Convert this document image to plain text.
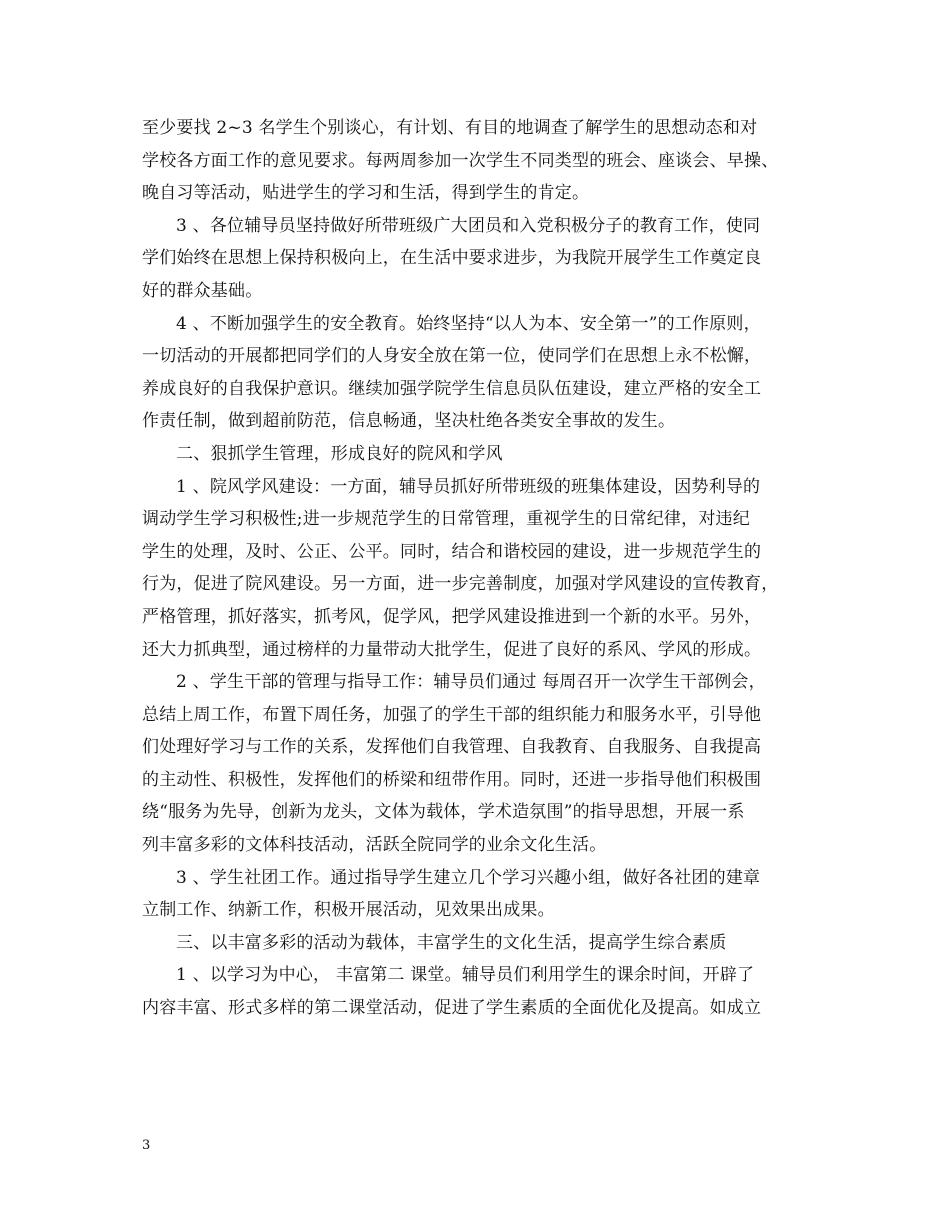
至少要找 2~3 名学生个别谈心，有计划、有目的地调查了解学生的思想动态和对
学校各方面工作的意见要求。每两周参加一次学生不同类型的班会、座谈会、早操、
晚自习等活动，贴进学生的学习和生活，得到学生的肯定。
3 、各位辅导员坚持做好所带班级广大团员和入党积极分子的教育工作，使同
学们始终在思想上保持积极向上，在生活中要求进步，为我院开展学生工作奠定良
好的群众基础。
4 、不断加强学生的安全教育。始终坚持“以人为本、安全第一”的工作原则，
一切活动的开展都把同学们的人身安全放在第一位，使同学们在思想上永不松懈，
养成良好的自我保护意识。继续加强学院学生信息员队伍建设，建立严格的安全工
作责任制，做到超前防范，信息畅通，坚决杜绝各类安全事故的发生。
二、狠抓学生管理，形成良好的院风和学风
1 、院风学风建设：一方面，辅导员抓好所带班级的班集体建设，因势利导的
调动学生学习积极性;进一步规范学生的日常管理，重视学生的日常纪律，对违纪
学生的处理，及时、公正、公平。同时，结合和谐校园的建设，进一步规范学生的
行为，促进了院风建设。另一方面，进一步完善制度，加强对学风建设的宣传教育，
严格管理，抓好落实，抓考风，促学风，把学风建设推进到一个新的水平。另外，
还大力抓典型，通过榜样的力量带动大批学生，促进了良好的系风、学风的形成。
2 、学生干部的管理与指导工作：辅导员们通过 每周召开一次学生干部例会，
总结上周工作，布置下周任务，加强了的学生干部的组织能力和服务水平，引导他
们处理好学习与工作的关系，发挥他们自我管理、自我教育、自我服务、自我提高
的主动性、积极性，发挥他们的桥梁和纽带作用。同时，还进一步指导他们积极围
绕“服务为先导，创新为龙头，文体为载体，学术造氛围”的指导思想，开展一系
列丰富多彩的文体科技活动，活跃全院同学的业余文化生活。
3 、学生社团工作。通过指导学生建立几个学习兴趣小组，做好各社团的建章
立制工作、纳新工作，积极开展活动，见效果出成果。
三、以丰富多彩的活动为载体，丰富学生的文化生活，提高学生综合素质
1 、以学习为中心， 丰富第二 课堂。辅导员们利用学生的课余时间，开辟了
内容丰富、形式多样的第二课堂活动，促进了学生素质的全面优化及提高。如成立
3
